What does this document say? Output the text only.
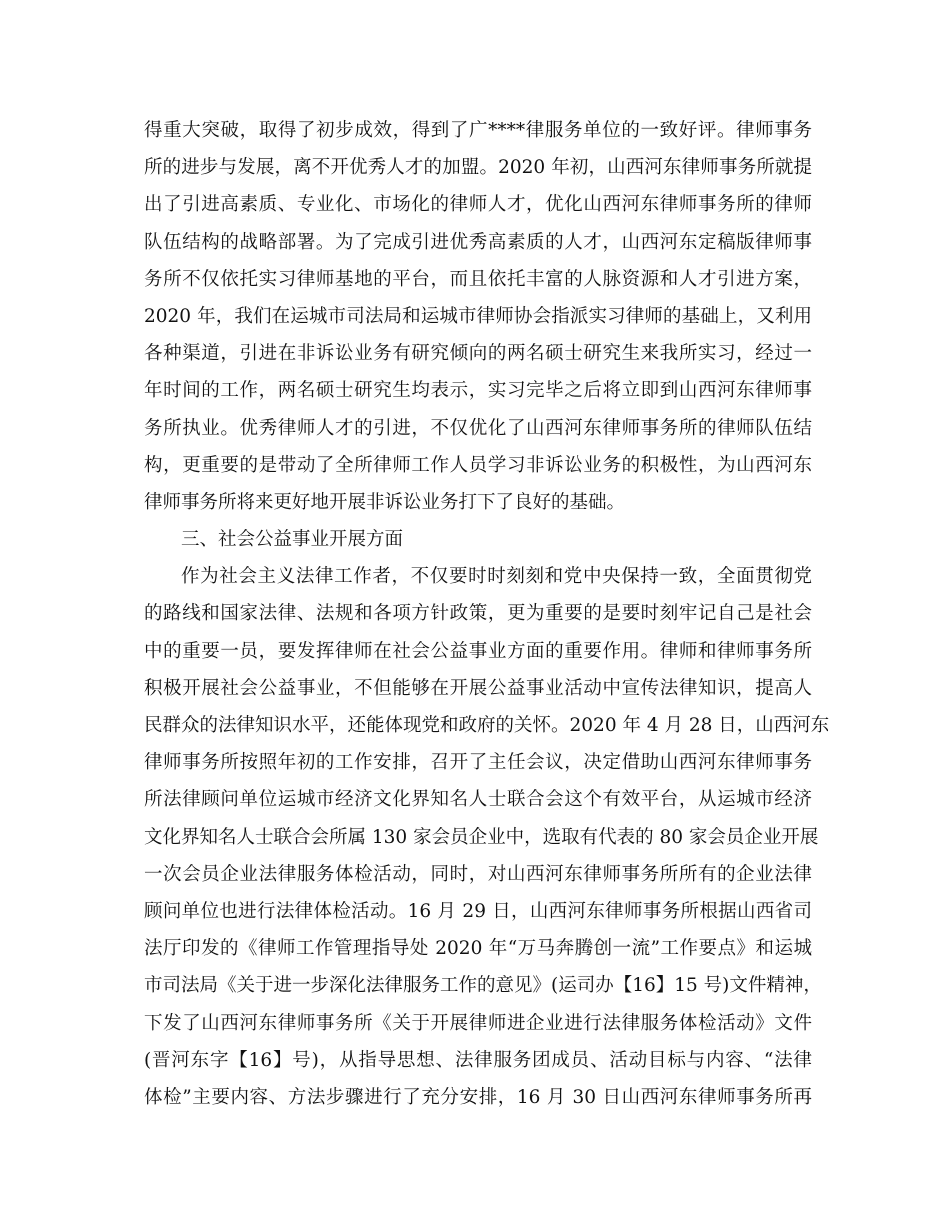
得重大突破，取得了初步成效，得到了广****律服务单位的一致好评。律师事务
所的进步与发展，离不开优秀人才的加盟。2020 年初，山西河东律师事务所就提
出了引进高素质、专业化、市场化的律师人才，优化山西河东律师事务所的律师
队伍结构的战略部署。为了完成引进优秀高素质的人才，山西河东定稿版律师事
务所不仅依托实习律师基地的平台，而且依托丰富的人脉资源和人才引进方案，
2020 年，我们在运城市司法局和运城市律师协会指派实习律师的基础上，又利用
各种渠道，引进在非诉讼业务有研究倾向的两名硕士研究生来我所实习，经过一
年时间的工作，两名硕士研究生均表示，实习完毕之后将立即到山西河东律师事
务所执业。优秀律师人才的引进，不仅优化了山西河东律师事务所的律师队伍结
构，更重要的是带动了全所律师工作人员学习非诉讼业务的积极性，为山西河东
律师事务所将来更好地开展非诉讼业务打下了良好的基础。
三、社会公益事业开展方面
作为社会主义法律工作者，不仅要时时刻刻和党中央保持一致，全面贯彻党
的路线和国家法律、法规和各项方针政策，更为重要的是要时刻牢记自己是社会
中的重要一员，要发挥律师在社会公益事业方面的重要作用。律师和律师事务所
积极开展社会公益事业，不但能够在开展公益事业活动中宣传法律知识，提高人
民群众的法律知识水平，还能体现党和政府的关怀。2020 年 4 月 28 日，山西河东
律师事务所按照年初的工作安排，召开了主任会议，决定借助山西河东律师事务
所法律顾问单位运城市经济文化界知名人士联合会这个有效平台，从运城市经济
文化界知名人士联合会所属 130 家会员企业中，选取有代表的 80 家会员企业开展
一次会员企业法律服务体检活动，同时，对山西河东律师事务所所有的企业法律
顾问单位也进行法律体检活动。16 月 29 日，山西河东律师事务所根据山西省司
法厅印发的《律师工作管理指导处 2020 年“万马奔腾创一流”工作要点》和运城
市司法局《关于进一步深化法律服务工作的意见》(运司办【16】15 号)文件精神，
下发了山西河东律师事务所《关于开展律师进企业进行法律服务体检活动》文件
(晋河东字【16】号)，从指导思想、法律服务团成员、活动目标与内容、“法律
体检”主要内容、方法步骤进行了充分安排，16 月 30 日山西河东律师事务所再
